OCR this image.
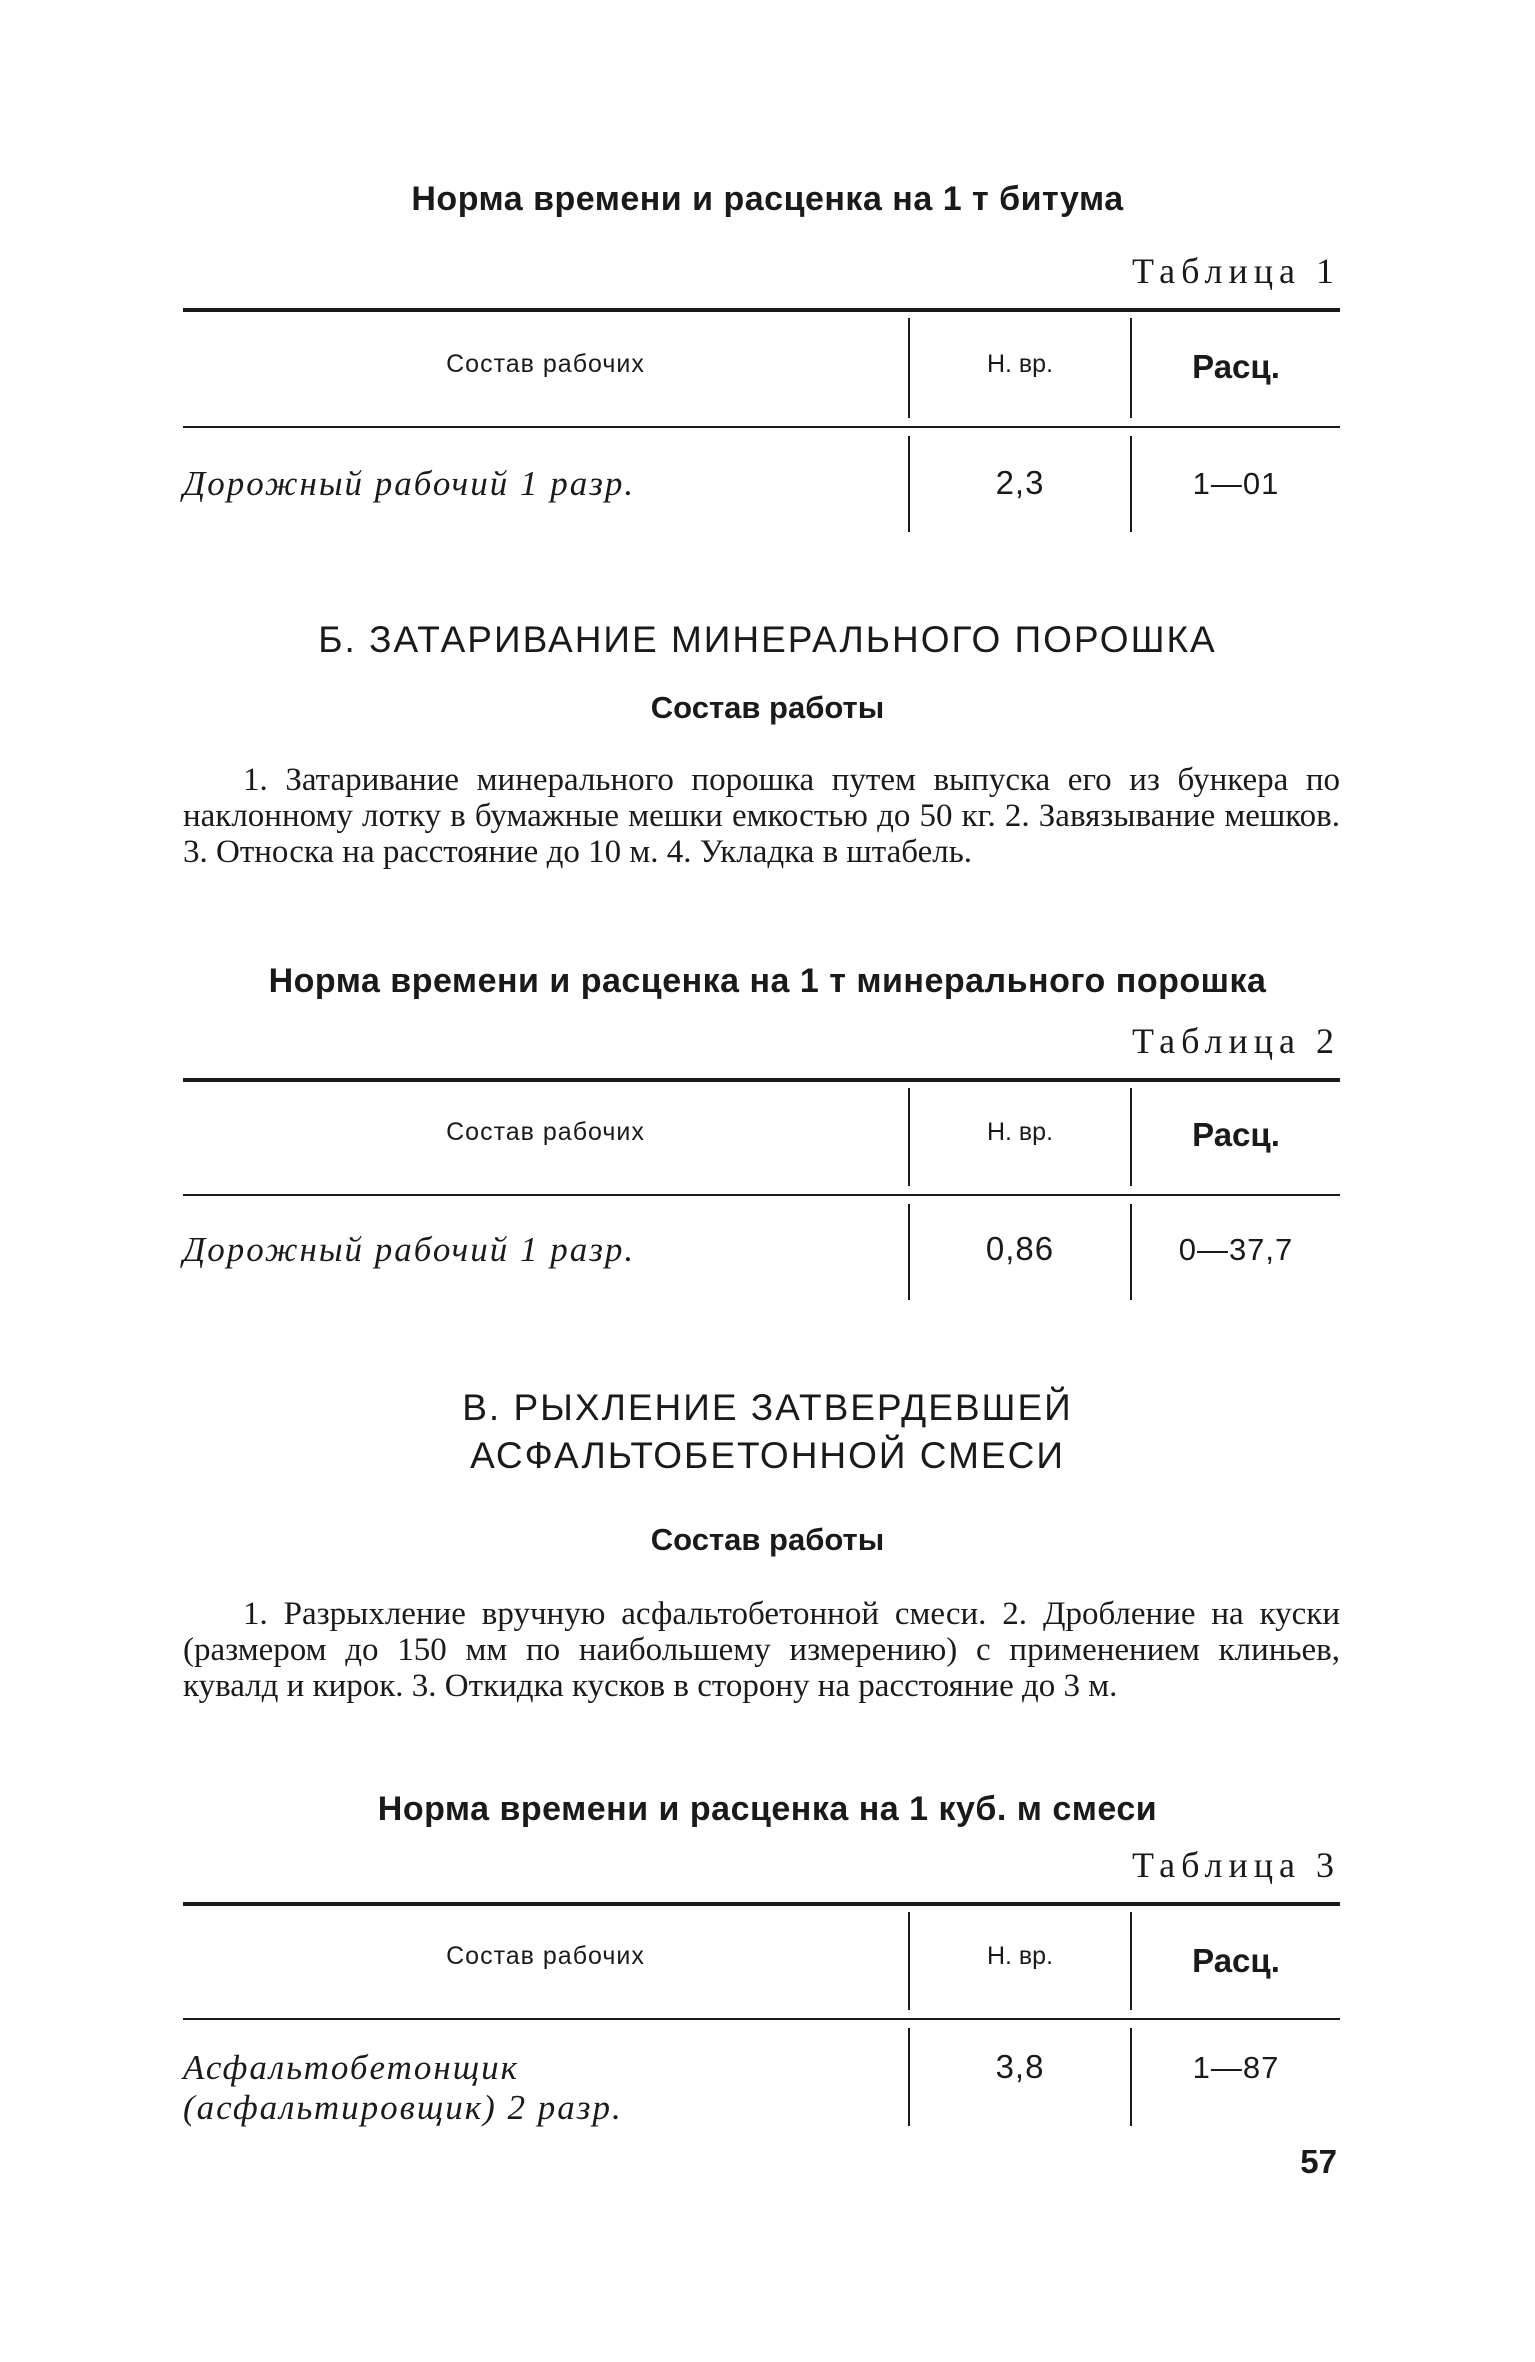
Норма времени и расценка на 1 т битума
Таблица 1
Состав рабочих	Н. вр.	Расц.
Дорожный рабочий 1 разр.	2,3	1—01
Б. ЗАТАРИВАНИЕ МИНЕРАЛЬНОГО ПОРОШКА
Состав работы
1. Затаривание минерального порошка путем выпуска его из бункера по наклонному лотку в бумажные мешки емкостью до 50 кг. 2. Завязывание мешков. 3. Относка на расстояние до 10 м. 4. Укладка в штабель.
Норма времени и расценка на 1 т минерального порошка
Таблица 2
Состав рабочих	Н. вр.	Расц.
Дорожный рабочий 1 разр.	0,86	0—37,7
В. РЫХЛЕНИЕ ЗАТВЕРДЕВШЕЙ
АСФАЛЬТОБЕТОННОЙ СМЕСИ
Состав работы
1. Разрыхление вручную асфальтобетонной смеси. 2. Дробление на куски (размером до 150 мм по наибольшему измерению) с применением клиньев, кувалд и кирок. 3. Откидка кусков в сторону на расстояние до 3 м.
Норма времени и расценка на 1 куб. м смеси
Таблица 3
Состав рабочих	Н. вр.	Расц.
Асфальтобетонщик
(асфальтировщик) 2 разр.
3,8	1—87
57
